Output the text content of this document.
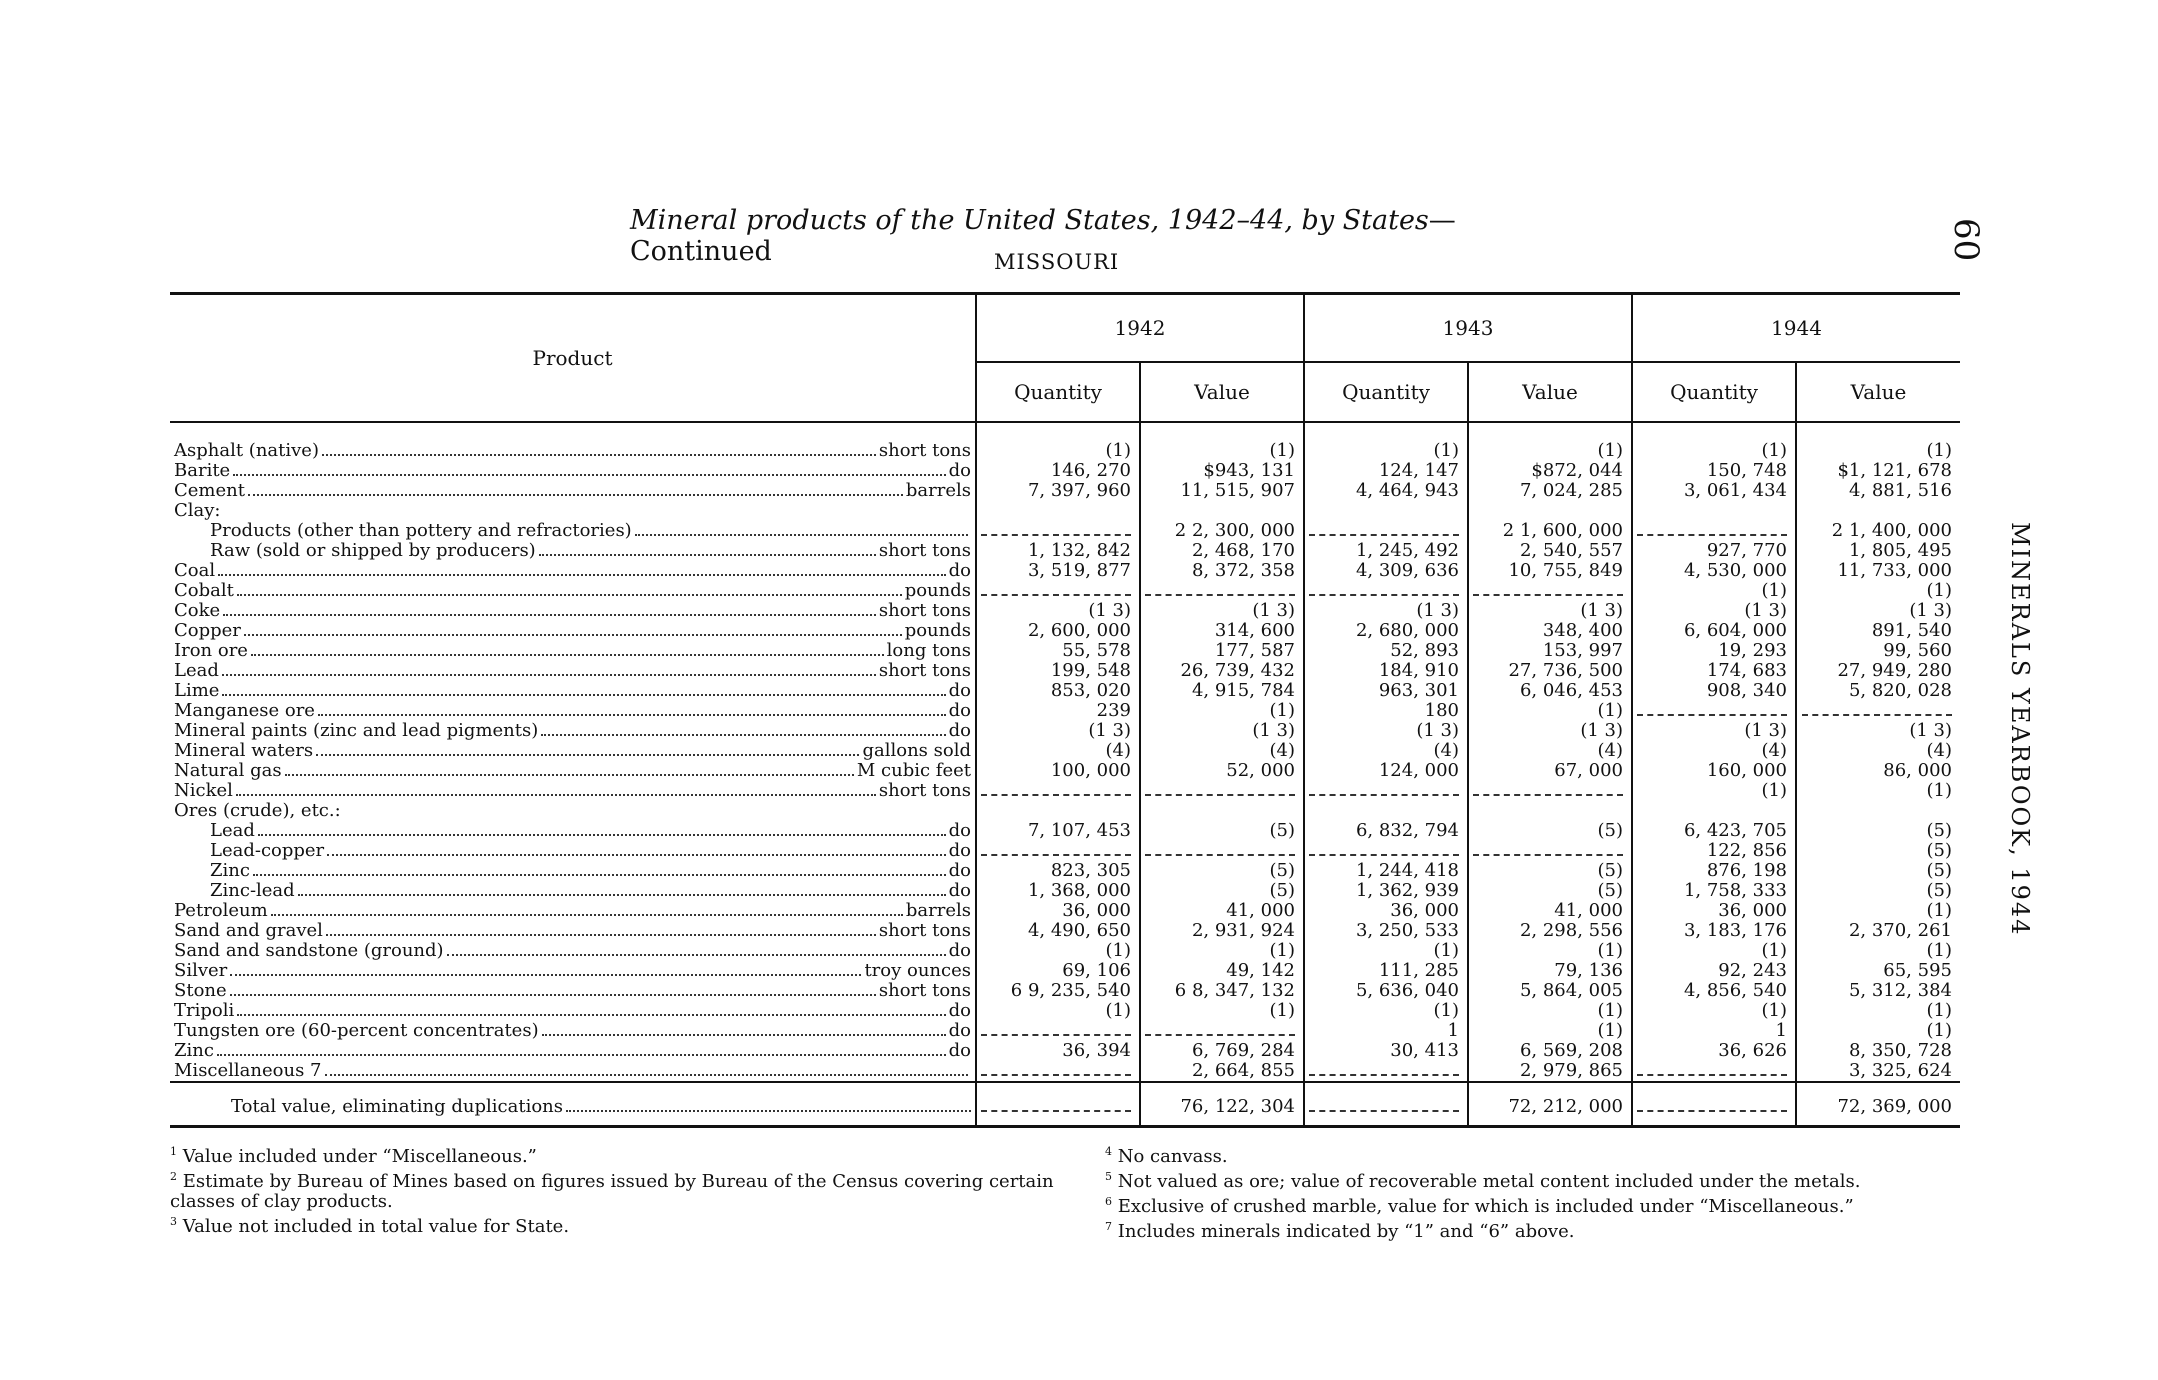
Mineral products of the United States, 1942–44, by States—Continued	MISSOURI
60
MINERALS YEARBOOK, 1944
Product	1942		1943		1944	
	Quantity	Value	Quantity	Value	Quantity	Value

Asphalt (native) short tons	(1)	(1)	(1)	(1)	(1)	(1)

Barite do	146, 270	$943, 131	124, 147	$872, 044	150, 748	$1, 121, 678

Cement barrels	7, 397, 960	11, 515, 907	4, 464, 943	7, 024, 285	3, 061, 434	4, 881, 516

Clay:						

Products (other than pottery and refractories)		2 2, 300, 000		2 1, 600, 000		2 1, 400, 000

Raw (sold or shipped by producers) short tons	1, 132, 842	2, 468, 170	1, 245, 492	2, 540, 557	927, 770	1, 805, 495

Coal do	3, 519, 877	8, 372, 358	4, 309, 636	10, 755, 849	4, 530, 000	11, 733, 000

Cobalt pounds					(1)	(1)

Coke short tons	(1 3)	(1 3)	(1 3)	(1 3)	(1 3)	(1 3)

Copper pounds	2, 600, 000	314, 600	2, 680, 000	348, 400	6, 604, 000	891, 540

Iron ore long tons	55, 578	177, 587	52, 893	153, 997	19, 293	99, 560

Lead short tons	199, 548	26, 739, 432	184, 910	27, 736, 500	174, 683	27, 949, 280

Lime do	853, 020	4, 915, 784	963, 301	6, 046, 453	908, 340	5, 820, 028

Manganese ore do	239	(1)	180	(1)		

Mineral paints (zinc and lead pigments) do	(1 3)	(1 3)	(1 3)	(1 3)	(1 3)	(1 3)

Mineral waters gallons sold	(4)	(4)	(4)	(4)	(4)	(4)

Natural gas M cubic feet	100, 000	52, 000	124, 000	67, 000	160, 000	86, 000

Nickel short tons					(1)	(1)

Ores (crude), etc.:						

Lead do	7, 107, 453	(5)	6, 832, 794	(5)	6, 423, 705	(5)

Lead-copper do					122, 856	(5)

Zinc do	823, 305	(5)	1, 244, 418	(5)	876, 198	(5)

Zinc-lead do	1, 368, 000	(5)	1, 362, 939	(5)	1, 758, 333	(5)

Petroleum barrels	36, 000	41, 000	36, 000	41, 000	36, 000	(1)

Sand and gravel short tons	4, 490, 650	2, 931, 924	3, 250, 533	2, 298, 556	3, 183, 176	2, 370, 261

Sand and sandstone (ground) do	(1)	(1)	(1)	(1)	(1)	(1)

Silver troy ounces	69, 106	49, 142	111, 285	79, 136	92, 243	65, 595

Stone short tons	6 9, 235, 540	6 8, 347, 132	5, 636, 040	5, 864, 005	4, 856, 540	5, 312, 384

Tripoli do	(1)	(1)	(1)	(1)	(1)	(1)

Tungsten ore (60-percent concentrates) do			1	(1)	1	(1)

Zinc do	36, 394	6, 769, 284	30, 413	6, 569, 208	36, 626	8, 350, 728

Miscellaneous 7		2, 664, 855		2, 979, 865		3, 325, 624

Total value, eliminating duplications		76, 122, 304		72, 212, 000		72, 369, 000

$^1$ Value included under “Miscellaneous.”

$^2$ Estimate by Bureau of Mines based on figures issued by Bureau of the Census covering certain classes of clay products.

$^3$ Value not included in total value for State.

$^4$ No canvass.

$^5$ Not valued as ore; value of recoverable metal content included under the metals.

$^6$ Exclusive of crushed marble, value for which is included under “Miscellaneous.”

$^7$ Includes minerals indicated by “1” and “6” above.
